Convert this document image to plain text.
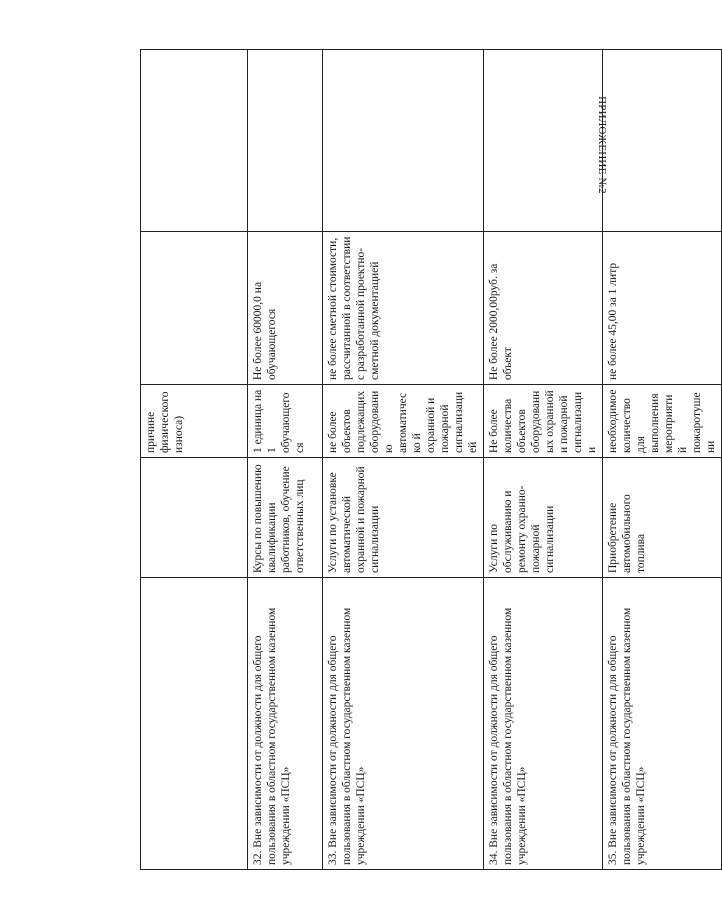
ПРИЛОЖЕНИЕ №2
		причине физического износа)		
32. Вне зависимости от должности для общего пользования в областном государственном казенном учреждении «ПСЦ»	Курсы по повышению квалификации работников, обучение ответственных лиц	1 единица на 1 обучающегося	Не более 60000,0 на обучающегося	
33. Вне зависимости от должности для общего пользования в областном государственном казенном учреждении «ПСЦ»	Услуги по установке автоматической охранной и пожарной сигнализации	не более объектов подлежащих оборудованию автоматическо й охранной и пожарной сигнализацией	не более сметной стоимости, рассчитанной в соответствии с разработанной проектно-сметной документацией	
34. Вне зависимости от должности для общего пользования в областном государственном казенном учреждении «ПСЦ»	Услуги по обслуживанию и ремонту охранно-пожарной сигнализации	Не более количества объектов оборудованных охранной и пожарной сигнализации	Не более 2000,00руб. за объект	
35. Вне зависимости от должности для общего пользования в областном государственном казенном учреждении «ПСЦ»	Приобретение автомобильного топлива	необходимое количество для выполнения мероприятий пожаротушени	не более 45,00 за 1 литр	
